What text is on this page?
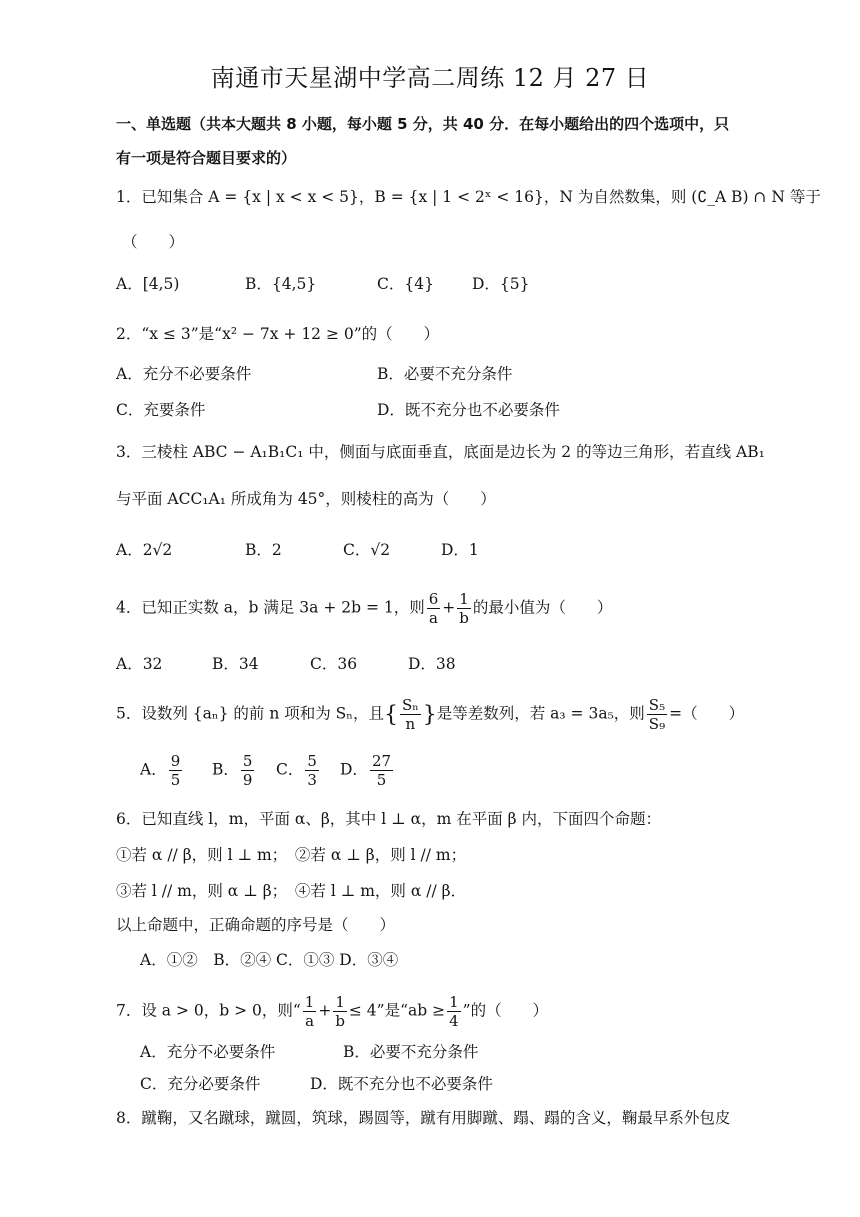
南通市天星湖中学高二周练 12 月 27 日
一、单选题（共本大题共 8 小题，每小题 5 分，共 40 分．在每小题给出的四个选项中，只
有一项是符合题目要求的）
1．已知集合 A = {x | x < x < 5}，B = {x | 1 < 2ˣ < 16}，N 为自然数集，则 (∁_A B) ∩ N 等于
（　　）
A．[4,5)	B．{4,5}	C．{4} D．{5}
2．“x ≤ 3”是“x² − 7x + 12 ≥ 0”的（　　）
A．充分不必要条件	B．必要不充分条件
C．充要条件	D．既不充分也不必要条件
3．三棱柱 ABC − A₁B₁C₁ 中，侧面与底面垂直，底面是边长为 2 的等边三角形，若直线 AB₁
与平面 ACC₁A₁ 所成角为 45°，则棱柱的高为（　　）
A．2√2	B．2	C．√2	D．1
4．已知正实数 a，b 满足 3a + 2b = 1，则 $\frac{6}{a} + \frac{1}{b}$ 的最小值为（　　）
A．32	B．34	C．36	D．38
5．设数列 {aₙ} 的前 n 项和为 Sₙ，且{ $\frac{\text{Sₙ}}{n}$ }是等差数列，若 a₃ = 3a₅，则 $\frac{\text{S₅}}{\text{S₉}}$ =（　　）
A． $\frac{9}{5}$ B． $\frac{5}{9}$ C． $\frac{5}{3}$ D． $\frac{27}{5}$
6．已知直线 l，m，平面 α、β，其中 l ⊥ α，m 在平面 β 内，下面四个命题：
①若 α // β，则 l ⊥ m；　②若 α ⊥ β，则 l // m；
③若 l // m，则 α ⊥ β；　④若 l ⊥ m，则 α // β．
以上命题中，正确命题的序号是（　　）
A．①②　B．②④ C．①③ D．③④
7．设 a > 0，b > 0，则“ $\frac{1}{a} + \frac{1}{b} \le 4$”是“ab ≥ $\frac{1}{4}$ ”的（　　）
A．充分不必要条件	B．必要不充分条件
C．充分必要条件	D．既不充分也不必要条件
8．蹴鞠，又名蹴球，蹴圆，筑球，踢圆等，蹴有用脚蹴、蹋、蹋的含义，鞠最早系外包皮
